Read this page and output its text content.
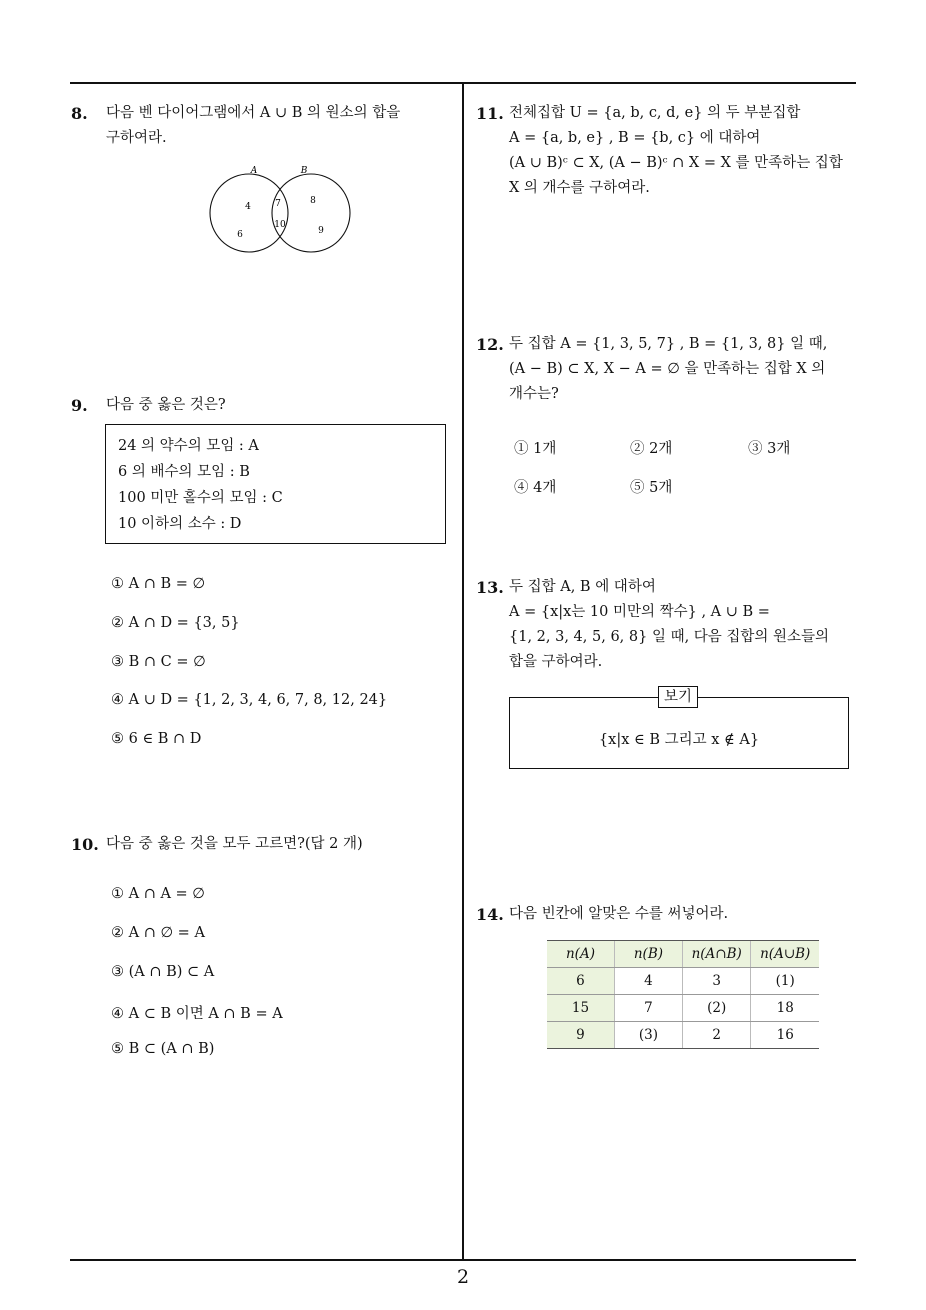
2
8. 다음 벤 다이어그램에서 A ∪ B 의 원소의 합을
구하여라.
A	B
4
6
7
10
8
9
9. 다음 중 옳은 것은?
24 의 약수의 모임 : A
6 의 배수의 모임 : B
100 미만 홀수의 모임 : C
10 이하의 소수 : D
① A ∩ B = ∅
② A ∩ D = {3, 5}
③ B ∩ C = ∅
④ A ∪ D = {1, 2, 3, 4, 6, 7, 8, 12, 24}
⑤ 6 ∈ B ∩ D
10. 다음 중 옳은 것을 모두 고르면?(답 2 개)
① A ∩ A = ∅
② A ∩ ∅ = A
③ (A ∩ B) ⊂ A
④ A ⊂ B 이면 A ∩ B = A
⑤ B ⊂ (A ∩ B)
11. 전체집합 U = {a, b, c, d, e} 의 두 부분집합
A = {a, b, e} , B = {b, c} 에 대하여
(A ∪ B)ᶜ ⊂ X, (A − B)ᶜ ∩ X = X 를 만족하는 집합
X 의 개수를 구하여라.
12. 두 집합 A = {1, 3, 5, 7} , B = {1, 3, 8} 일 때,
(A − B) ⊂ X, X − A = ∅ 을 만족하는 집합 X 의
개수는?
① 1개	② 2개	③ 3개
④ 4개	⑤ 5개
13. 두 집합 A, B 에 대하여
A = {x|x는 10 미만의 짝수} , A ∪ B =
{1, 2, 3, 4, 5, 6, 8} 일 때, 다음 집합의 원소들의
합을 구하여라.
{x|x ∈ B 그리고 x ∉ A}
보기
14. 다음 빈칸에 알맞은 수를 써넣어라.
n(A)	n(B)	n(A∩B)	n(A∪B)
6	4	3	(1)
15	7	(2)	18
9	(3)	2	16
